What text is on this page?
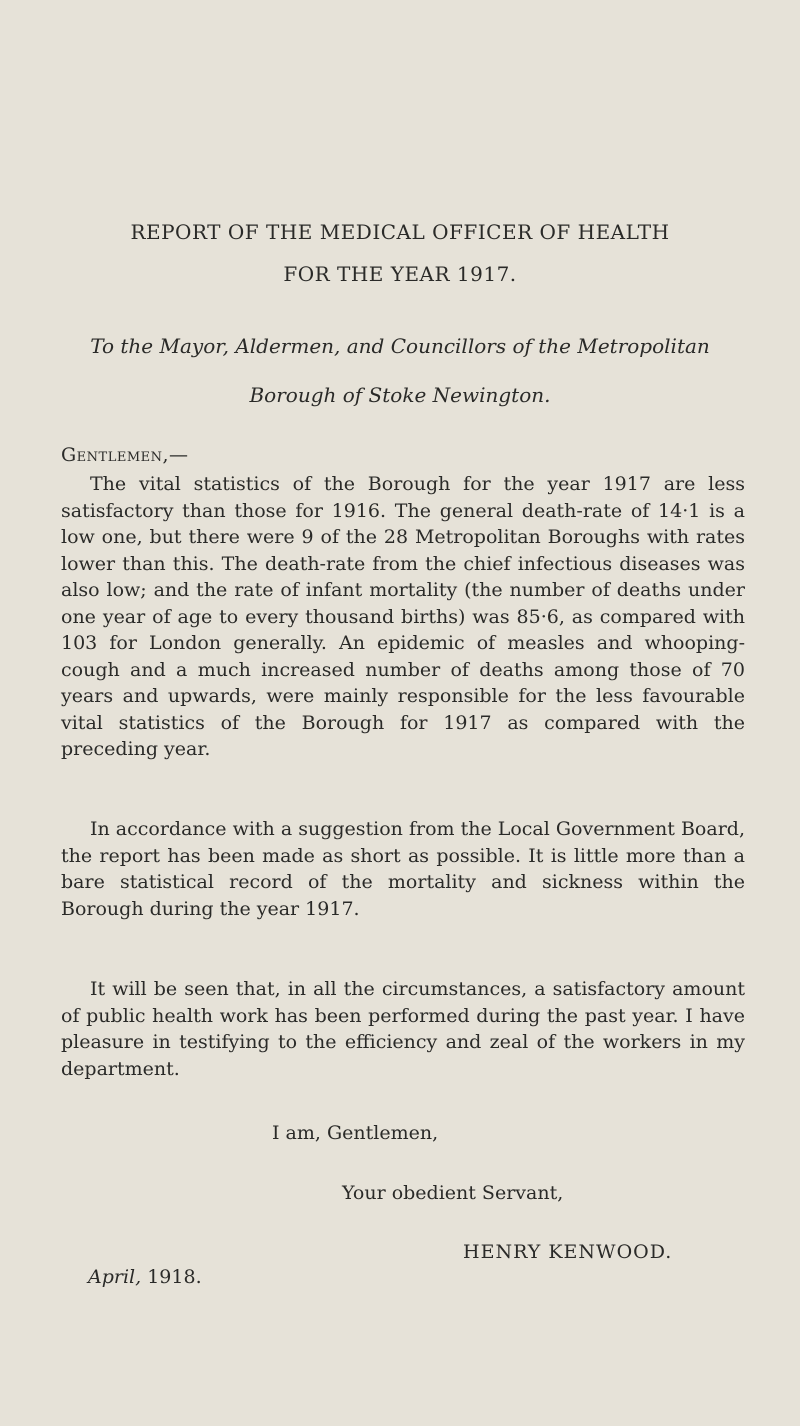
REPORT OF THE MEDICAL OFFICER OF HEALTH
FOR THE YEAR 1917.
To the Mayor, Aldermen, and Councillors of the Metropolitan
Borough of Stoke Newington.
Gentlemen,—

The vital statistics of the Borough for the year 1917 are less satisfactory than those for 1916. The general death-rate of 14·1 is a low one, but there were 9 of the 28 Metropolitan Boroughs with rates lower than this. The death-rate from the chief infectious diseases was also low; and the rate of infant mortality (the number of deaths under one year of age to every thousand births) was 85·6, as compared with 103 for London generally. An epidemic of measles and whooping-cough and a much increased number of deaths among those of 70 years and upwards, were mainly responsible for the less favourable vital statistics of the Borough for 1917 as compared with the preceding year.

In accordance with a suggestion from the Local Government Board, the report has been made as short as possible. It is little more than a bare statistical record of the mortality and sickness within the Borough during the year 1917.

It will be seen that, in all the circumstances, a satisfactory amount of public health work has been performed during the past year. I have pleasure in testifying to the efficiency and zeal of the workers in my department.

I am, Gentlemen,
Your obedient Servant,
HENRY KENWOOD.
April, 1918.
